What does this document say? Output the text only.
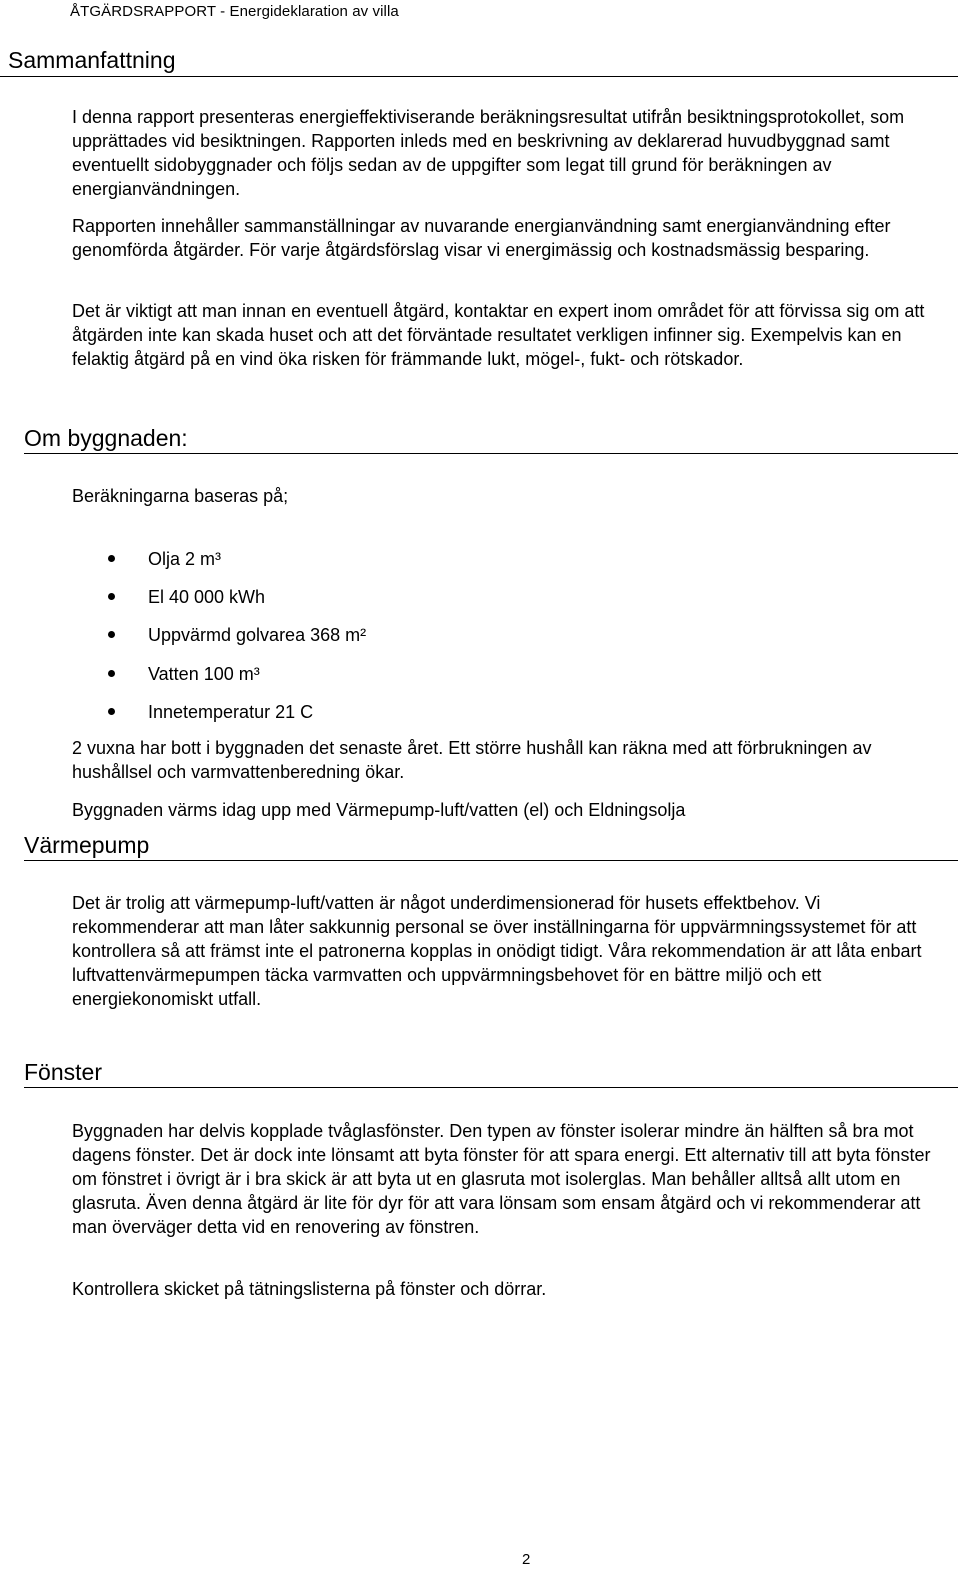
ÅTGÄRDSRAPPORT - Energideklaration av villa
Sammanfattning

I denna rapport presenteras energieffektiviserande beräkningsresultat utifrån besiktningsprotokollet, som upprättades vid besiktningen. Rapporten inleds med en beskrivning av deklarerad huvudbyggnad samt eventuellt sidobyggnader och följs sedan av de uppgifter som legat till grund för beräkningen av energianvändningen.

Rapporten innehåller sammanställningar av nuvarande energianvändning samt energianvändning efter genomförda åtgärder. För varje åtgärdsförslag visar vi energimässig och kostnadsmässig besparing.

Det är viktigt att man innan en eventuell åtgärd, kontaktar en expert inom området för att förvissa sig om att åtgärden inte kan skada huset och att det förväntade resultatet verkligen infinner sig. Exempelvis kan en felaktig åtgärd på en vind öka risken för främmande lukt, mögel-, fukt- och rötskador.

Om byggnaden:

Beräkningarna baseras på;

Olja 2 m³
El 40 000 kWh
Uppvärmd golvarea 368 m²
Vatten 100 m³
Innetemperatur 21 C

2 vuxna har bott i byggnaden det senaste året. Ett större hushåll kan räkna med att förbrukningen av hushållsel och varmvattenberedning ökar.

Byggnaden värms idag upp med Värmepump-luft/vatten (el) och Eldningsolja

Värmepump

Det är trolig att värmepump-luft/vatten är något underdimensionerad för husets effektbehov. Vi rekommenderar att man låter sakkunnig personal se över inställningarna för uppvärmningssystemet för att kontrollera så att främst inte el patronerna kopplas in onödigt tidigt. Våra rekommendation är att låta enbart luftvattenvärmepumpen täcka varmvatten och uppvärmningsbehovet för en bättre miljö och ett energiekonomiskt utfall.

Fönster

Byggnaden har delvis kopplade tvåglasfönster. Den typen av fönster isolerar mindre än hälften så bra mot dagens fönster. Det är dock inte lönsamt att byta fönster för att spara energi. Ett alternativ till att byta fönster om fönstret i övrigt är i bra skick är att byta ut en glasruta mot isolerglas. Man behåller alltså allt utom en glasruta. Även denna åtgärd är lite för dyr för att vara lönsam som ensam åtgärd och vi rekommenderar att man överväger detta vid en renovering av fönstren.

Kontrollera skicket på tätningslisterna på fönster och dörrar.

2
